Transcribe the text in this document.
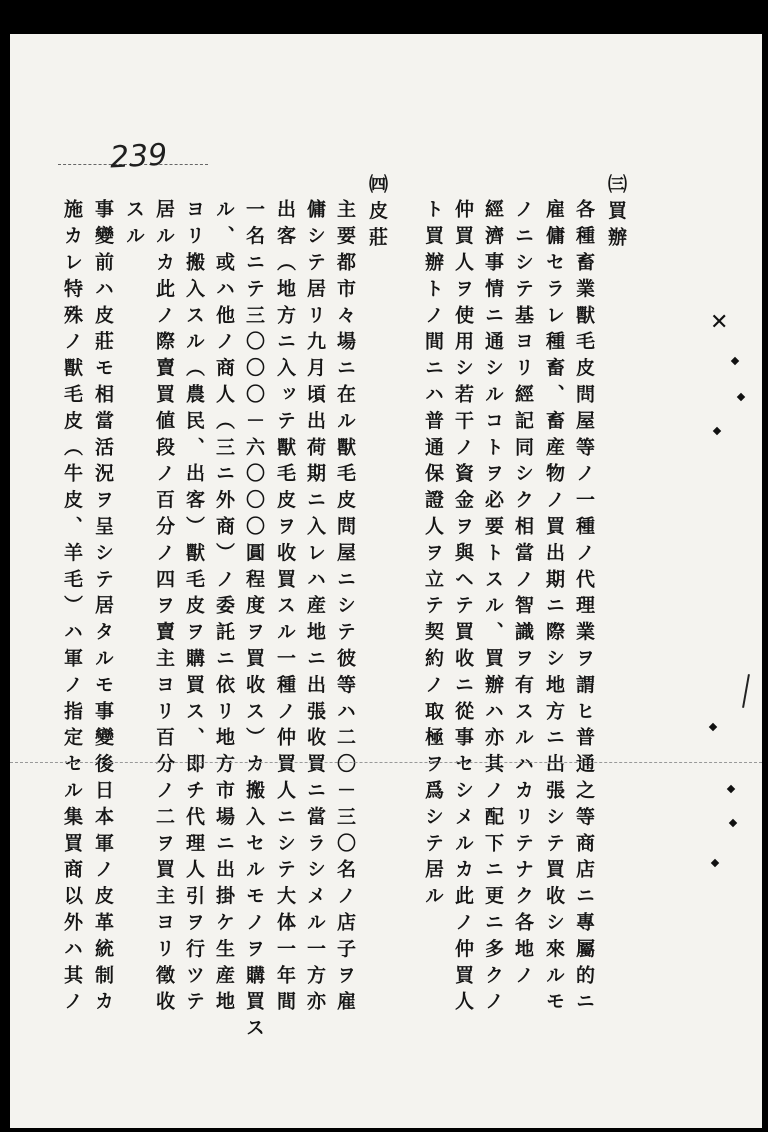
239
㈢買辦
各種畜業獸毛皮問屋等ノ一種ノ代理業ヲ謂ヒ普通之等商店ニ專屬的ニ
雇傭セラレ種畜、畜産物ノ買出期ニ際シ地方ニ出張シテ買收シ來ルモ
ノニシテ基ヨリ經記同シク相當ノ智識ヲ有スルハカリテナク各地ノ
經濟事情ニ通シルコトヲ必要トスル、買辦ハ亦其ノ配下ニ更ニ多クノ
仲買人ヲ使用シ若干ノ資金ヲ與ヘテ買收ニ從事セシメルカ此ノ仲買人
ト買辦トノ間ニハ普通保證人ヲ立テ契約ノ取極ヲ爲シテ居ル
㈣皮莊
主要都市々場ニ在ル獸毛皮問屋ニシテ彼等ハ二〇－三〇名ノ店子ヲ雇
傭シテ居リ九月頃出荷期ニ入レハ産地ニ出張收買ニ當ラシメル一方亦
出客（地方ニ入ッテ獸毛皮ヲ收買スル一種ノ仲買人ニシテ大体一年間
一名ニテ三〇〇〇－六〇〇〇圓程度ヲ買收ス）カ搬入セルモノヲ購買ス
ル、或ハ他ノ商人（三ニ外商）ノ委託ニ依リ地方市場ニ出掛ケ生産地
ヨリ搬入スル（農民、出客）獸毛皮ヲ購買ス、即チ代理人引ヲ行ツテ
居ルカ此ノ際賣買値段ノ百分ノ四ヲ賣主ヨリ百分ノ二ヲ買主ヨリ徵收
スル
事變前ハ皮莊モ相當活況ヲ呈シテ居タルモ事變後日本軍ノ皮革統制カ
施カレ特殊ノ獸毛皮（牛皮、羊毛）ハ軍ノ指定セル集買商以外ハ其ノ	✕
